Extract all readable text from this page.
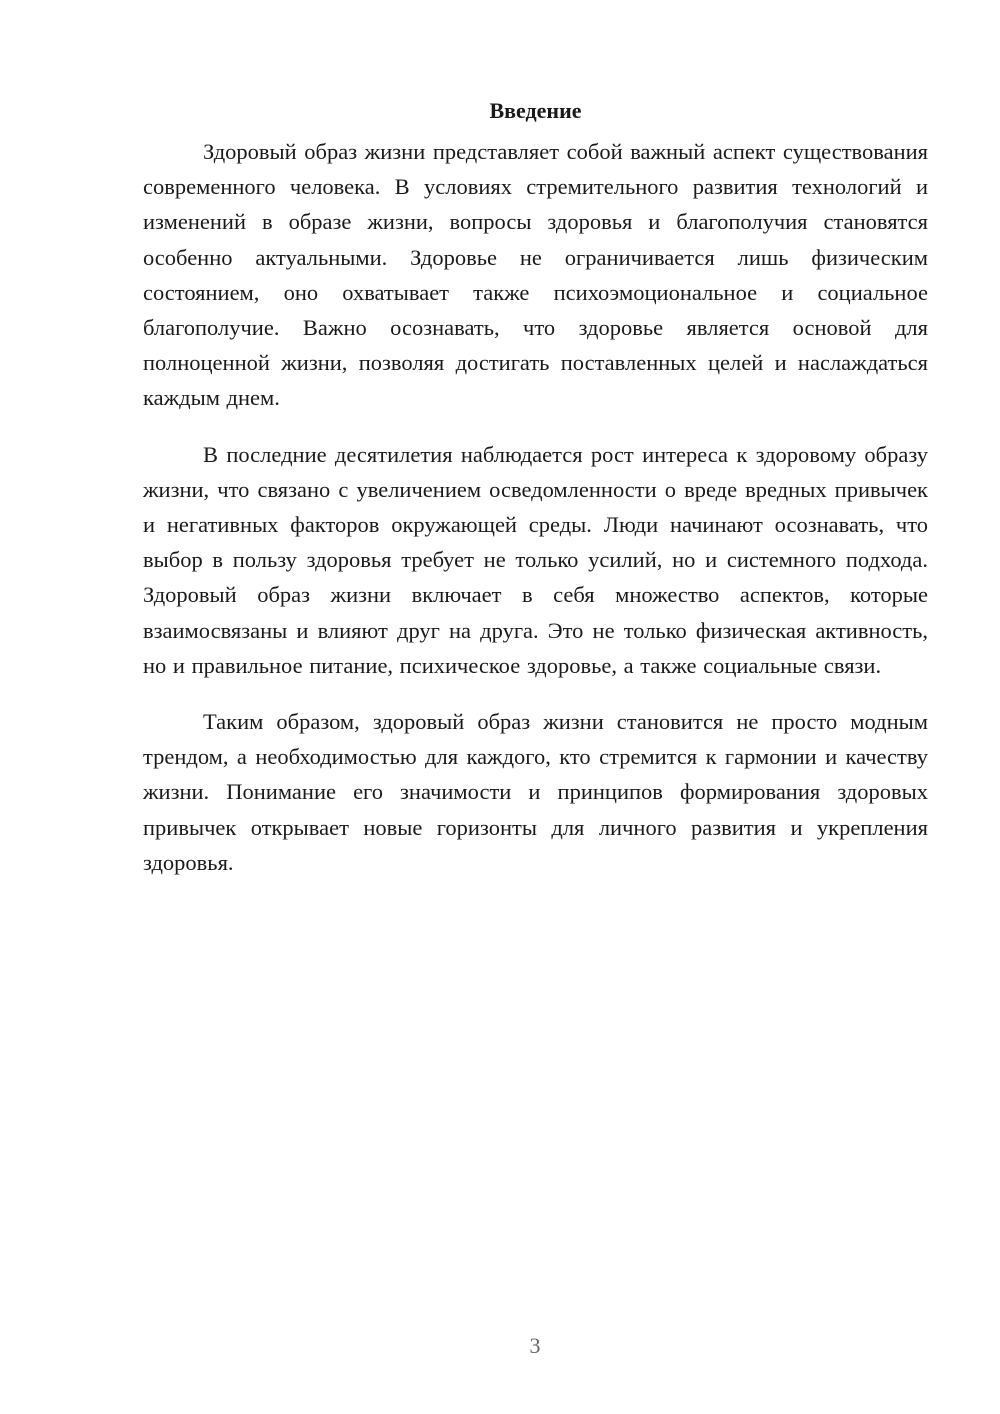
Введение

Здоровый образ жизни представляет собой важный аспект существования современного человека. В условиях стремительного развития технологий и изменений в образе жизни, вопросы здоровья и благополучия становятся особенно актуальными. Здоровье не ограничивается лишь физическим состоянием, оно охватывает также психоэмоциональное и социальное благополучие. Важно осознавать, что здоровье является основой для полноценной жизни, позволяя достигать поставленных целей и наслаждаться каждым днем.

В последние десятилетия наблюдается рост интереса к здоровому образу жизни, что связано с увеличением осведомленности о вреде вредных привычек и негативных факторов окружающей среды. Люди начинают осознавать, что выбор в пользу здоровья требует не только усилий, но и системного подхода. Здоровый образ жизни включает в себя множество аспектов, которые взаимосвязаны и влияют друг на друга. Это не только физическая активность, но и правильное питание, психическое здоровье, а также социальные связи.

Таким образом, здоровый образ жизни становится не просто модным трендом, а необходимостью для каждого, кто стремится к гармонии и качеству жизни. Понимание его значимости и принципов формирования здоровых привычек открывает новые горизонты для личного развития и укрепления здоровья.

3
